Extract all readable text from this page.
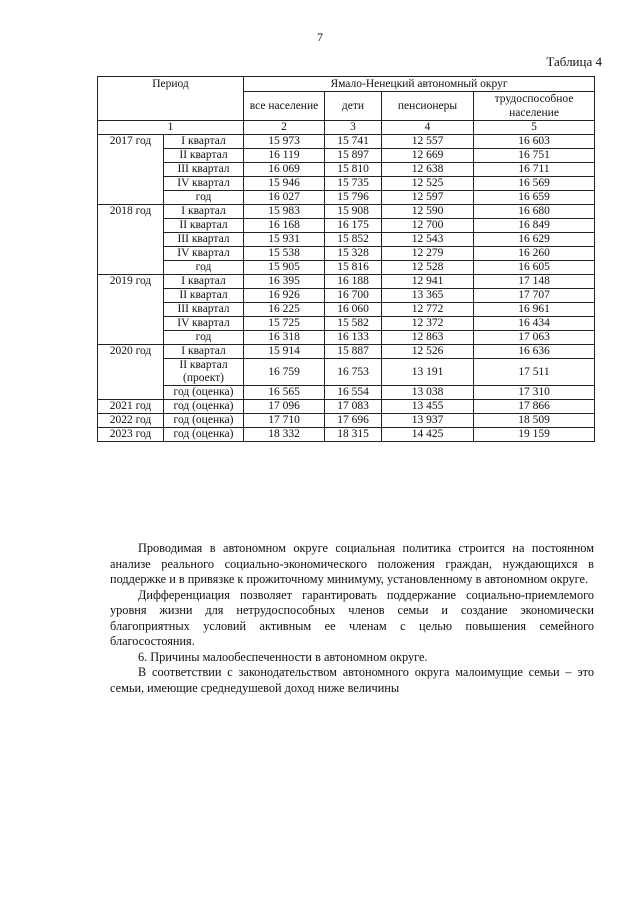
7
Таблица 4
Период		Ямало-Ненецкий автономный округ			
		все население	дети	пенсионеры	трудоспособное население
1		2	3	4	5
2017 год	I квартал	15 973	15 741	12 557	16 603
	II квартал	16 119	15 897	12 669	16 751
	III квартал	16 069	15 810	12 638	16 711
	IV квартал	15 946	15 735	12 525	16 569
	год	16 027	15 796	12 597	16 659
2018 год	I квартал	15 983	15 908	12 590	16 680
	II квартал	16 168	16 175	12 700	16 849
	III квартал	15 931	15 852	12 543	16 629
	IV квартал	15 538	15 328	12 279	16 260
	год	15 905	15 816	12 528	16 605
2019 год	I квартал	16 395	16 188	12 941	17 148
	II квартал	16 926	16 700	13 365	17 707
	III квартал	16 225	16 060	12 772	16 961
	IV квартал	15 725	15 582	12 372	16 434
	год	16 318	16 133	12 863	17 063
2020 год	I квартал	15 914	15 887	12 526	16 636
	II квартал (проект)	16 759	16 753	13 191	17 511
	год (оценка)	16 565	16 554	13 038	17 310
2021 год	год (оценка)	17 096	17 083	13 455	17 866
2022 год	год (оценка)	17 710	17 696	13 937	18 509
2023 год	год (оценка)	18 332	18 315	14 425	19 159

Проводимая в автономном округе социальная политика строится на постоянном анализе реального социально-экономического положения граждан, нуждающихся в поддержке и в привязке к прожиточному минимуму, установленному в автономном округе.

Дифференциация позволяет гарантировать поддержание социально-приемлемого уровня жизни для нетрудоспособных членов семьи и создание экономически благоприятных условий активным ее членам с целью повышения семейного благосостояния.

6. Причины малообеспеченности в автономном округе.

В соответствии с законодательством автономного округа малоимущие семьи – это семьи, имеющие среднедушевой доход ниже величины
